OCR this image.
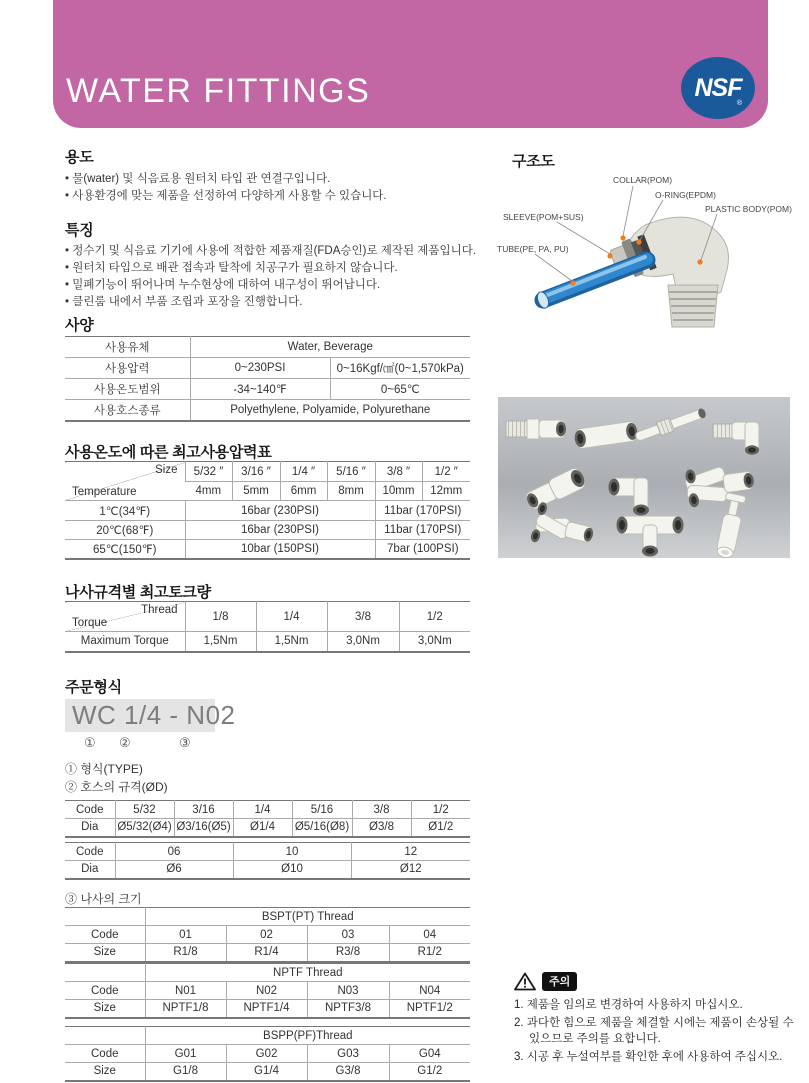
WATER FITTINGS	NSF
®
용도
• 물(water) 및 식음료용 원터치 타입 관 연결구입니다.
• 사용환경에 맞는 제품을 선정하여 다양하게 사용할 수 있습니다.
특징
• 정수기 및 식음료 기기에 사용에 적합한 제품재질(FDA승인)로 제작된 제품입니다.
• 원터치 타입으로 배관 접속과 탈착에 치공구가 필요하지 않습니다.
• 밀폐기능이 뛰어나며 누수현상에 대하여 내구성이 뛰어납니다.
• 클린룸 내에서 부품 조립과 포장을 진행합니다.
사양
사용유체	Water, Beverage	
사용압력	0~230PSI	0~16Kgf/㎠(0~1,570kPa)
사용온도범위	-34~140℉	0~65℃
사용호스종류	Polyethylene, Polyamide, Polyurethane	
사용온도에 따른 최고사용압력표
Size
Temperature	5/32 ″	3/16 ″	1/4 ″	5/16 ″	3/8 ″	1/2 ″
	4mm	5mm	6mm	8mm	10mm	12mm
1℃(34℉)	16bar (230PSI)				11bar (170PSI)	
20℃(68℉)	16bar (230PSI)				11bar (170PSI)	
65℃(150℉)	10bar (150PSI)				7bar (100PSI)	
나사규격별 최고토크량
Thread
Torque	1/8	1/4	3/8	1/2
Maximum Torque	1,5Nm	1,5Nm	3,0Nm	3,0Nm
주문형식
WC 1/4 - N02
① ②	③
① 형식(TYPE)
② 호스의 규격(ØD)
Code	5/32	3/16	1/4	5/16	3/8	1/2
Dia	Ø5/32(Ø4)	Ø3/16(Ø5)	Ø1/4	Ø5/16(Ø8)	Ø3/8	Ø1/2
Code	06	10	12
Dia	Ø6	Ø10	Ø12
③ 나사의 크기
	BSPT(PT) Thread			
Code	01	02	03	04
Size	R1/8	R1/4	R3/8	R1/2
	NPTF Thread			
Code	N01	N02	N03	N04
Size	NPTF1/8	NPTF1/4	NPTF3/8	NPTF1/2
	BSPP(PF)Thread			
Code	G01	G02	G03	G04
Size	G1/8	G1/4	G3/8	G1/2
구조도
COLLAR(POM)
O-RING(EPDM)
SLEEVE(POM+SUS)
PLASTIC BODY(POM)
TUBE(PE, PA, PU)
주의
1. 제품을 임의로 변경하여 사용하지 마십시오.
2. 과다한 힘으로 제품을 체결할 시에는 제품이 손상될 수 있으므로 주의를 요합니다.
3. 시공 후 누설여부를 확인한 후에 사용하여 주십시오.
